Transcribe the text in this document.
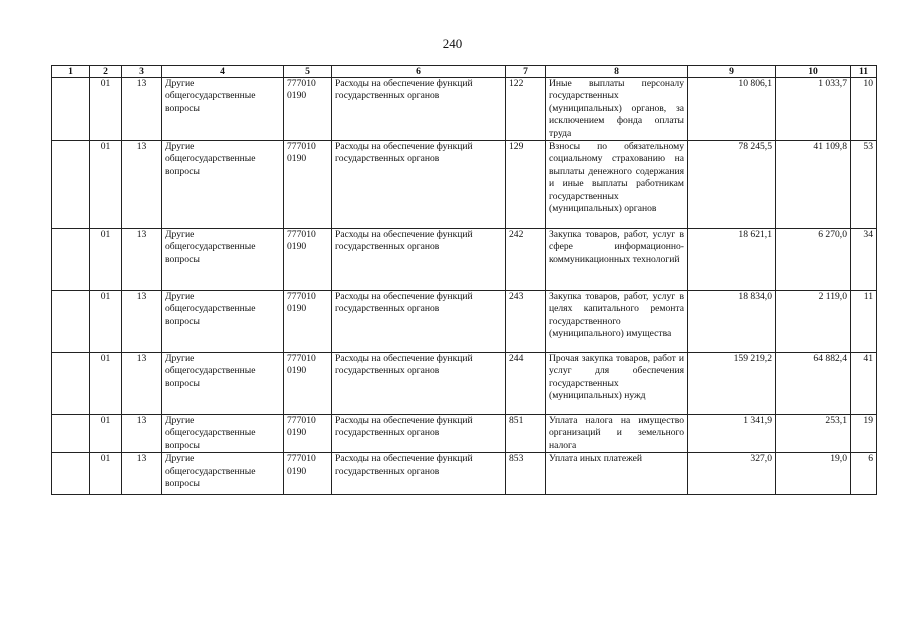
240
1	2	3	4	5	6	7	8	9	10	11
	01	13	Другие общегосударственные вопросы	777010 0190	Расходы на обеспечение функций государственных органов	122	Иные выплаты персоналу государственных (муниципальных) органов, за исключением фонда оплаты труда	10 806,1	1 033,7	10
	01	13	Другие общегосударственные вопросы	777010 0190	Расходы на обеспечение функций государственных органов	129	Взносы по обязательному социальному страхованию на выплаты денежного содержания и иные выплаты работникам государственных (муниципальных) органов	78 245,5	41 109,8	53
	01	13	Другие общегосударственные вопросы	777010 0190	Расходы на обеспечение функций государственных органов	242	Закупка товаров, работ, услуг в сфере информационно-коммуникационных технологий	18 621,1	6 270,0	34
	01	13	Другие общегосударственные вопросы	777010 0190	Расходы на обеспечение функций государственных органов	243	Закупка товаров, работ, услуг в целях капитального ремонта государственного (муниципального) имущества	18 834,0	2 119,0	11
	01	13	Другие общегосударственные вопросы	777010 0190	Расходы на обеспечение функций государственных органов	244	Прочая закупка товаров, работ и услуг для обеспечения государственных (муниципальных) нужд	159 219,2	64 882,4	41
	01	13	Другие общегосударственные вопросы	777010 0190	Расходы на обеспечение функций государственных органов	851	Уплата налога на имущество организаций и земельного налога	1 341,9	253,1	19
	01	13	Другие общегосударственные вопросы	777010 0190	Расходы на обеспечение функций государственных органов	853	Уплата иных платежей	327,0	19,0	6
